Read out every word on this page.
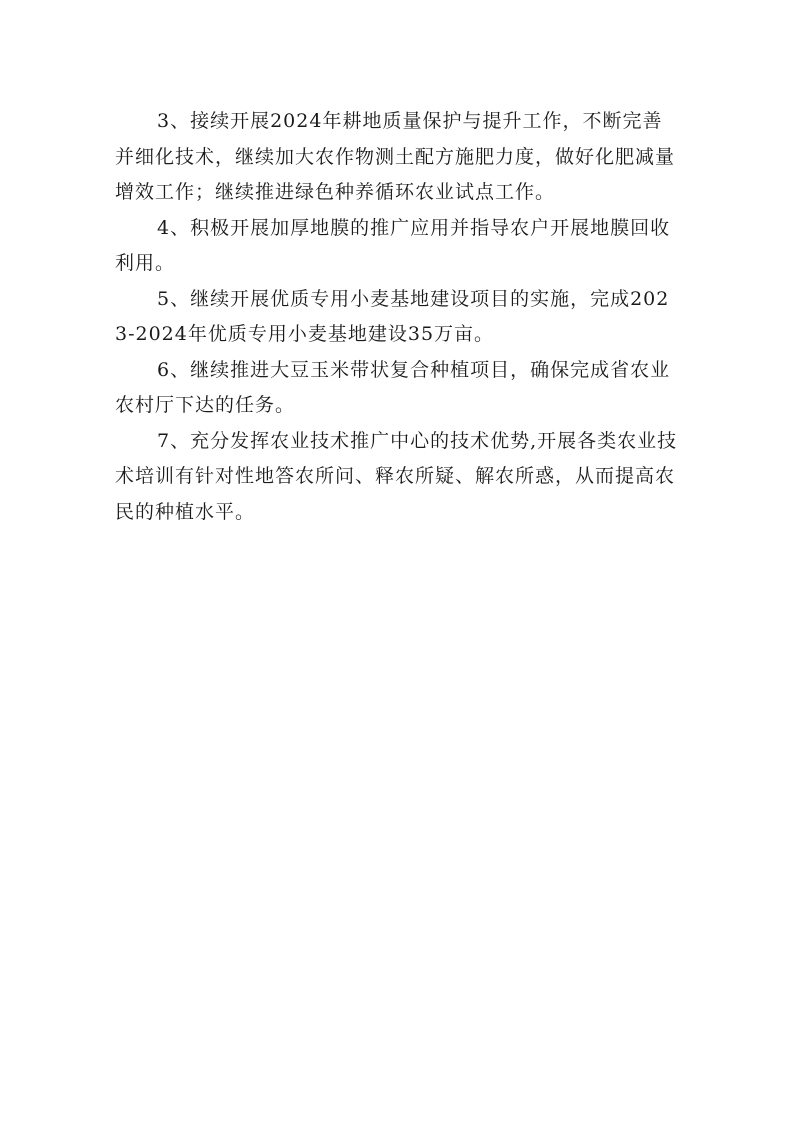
3、接续开展2024年耕地质量保护与提升工作，不断完善并细化技术，继续加大农作物测土配方施肥力度，做好化肥减量增效工作；继续推进绿色种养循环农业试点工作。

4、积极开展加厚地膜的推广应用并指导农户开展地膜回收利用。

5、继续开展优质专用小麦基地建设项目的实施，完成2023-2024年优质专用小麦基地建设35万亩。

6、继续推进大豆玉米带状复合种植项目，确保完成省农业农村厅下达的任务。

7、充分发挥农业技术推广中心的技术优势,开展各类农业技术培训有针对性地答农所问、释农所疑、解农所惑，从而提高农民的种植水平。
